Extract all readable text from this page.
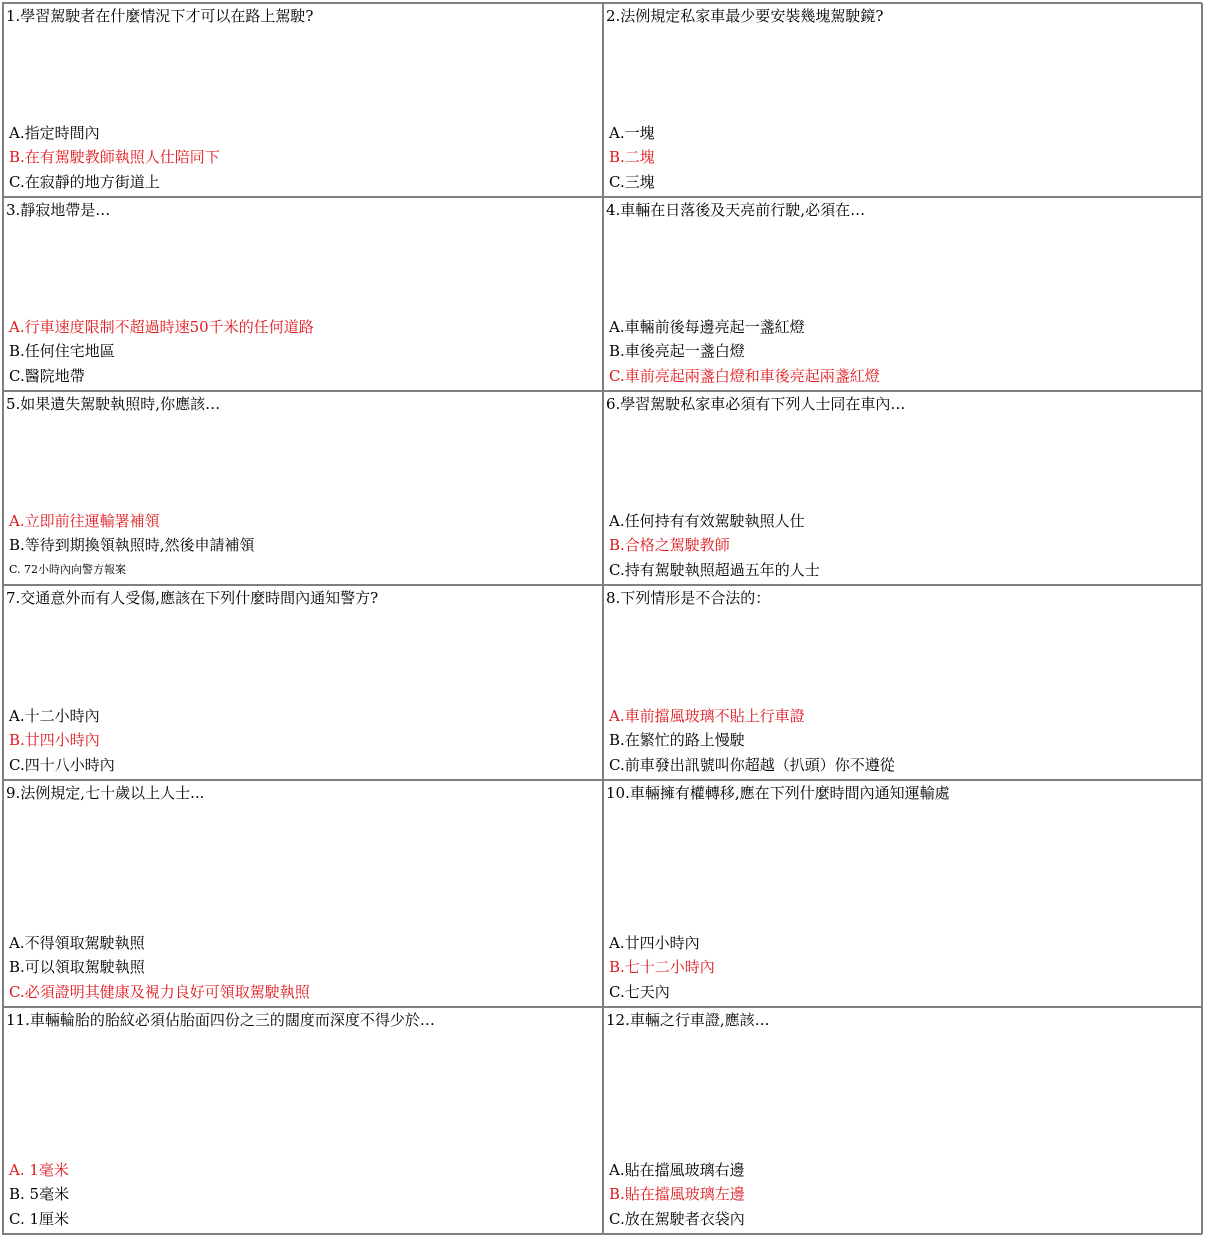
1.學習駕駛者在什麼情況下才可以在路上駕駛?
A.指定時間內
B.在有駕駛教師執照人仕陪同下
C.在寂靜的地方街道上
2.法例規定私家車最少要安裝幾塊駕駛鏡?
A.一塊
B.二塊
C.三塊
3.靜寂地帶是…
A.行車速度限制不超過時速50千米的任何道路
B.任何住宅地區
C.醫院地帶
4.車輛在日落後及天亮前行駛,必須在…
A.車輛前後每邊亮起一盞紅燈
B.車後亮起一盞白燈
C.車前亮起兩盞白燈和車後亮起兩盞紅燈
5.如果遺失駕駛執照時,你應該…
A.立即前往運輸署補領
B.等待到期換領執照時,然後申請補領
C. 72小時內向警方報案
6.學習駕駛私家車必須有下列人士同在車內…
A.任何持有有效駕駛執照人仕
B.合格之駕駛教師
C.持有駕駛執照超過五年的人士
7.交通意外而有人受傷,應該在下列什麼時間內通知警方?
A.十二小時內
B.廿四小時內
C.四十八小時內
8.下列情形是不合法的：
A.車前擋風玻璃不貼上行車證
B.在繁忙的路上慢駛
C.前車發出訊號叫你超越（扒頭）你不遵從
9.法例規定,七十歲以上人士...
A.不得領取駕駛執照
B.可以領取駕駛執照
C.必須證明其健康及視力良好可領取駕駛執照
10.車輛擁有權轉移,應在下列什麼時間內通知運輸處
A.廿四小時內
B.七十二小時內
C.七天內
11.車輛輪胎的胎紋必須佔胎面四份之三的闊度而深度不得少於…
A. 1毫米
B. 5毫米
C. 1厘米
12.車輛之行車證,應該…
A.貼在擋風玻璃右邊
B.貼在擋風玻璃左邊
C.放在駕駛者衣袋內
